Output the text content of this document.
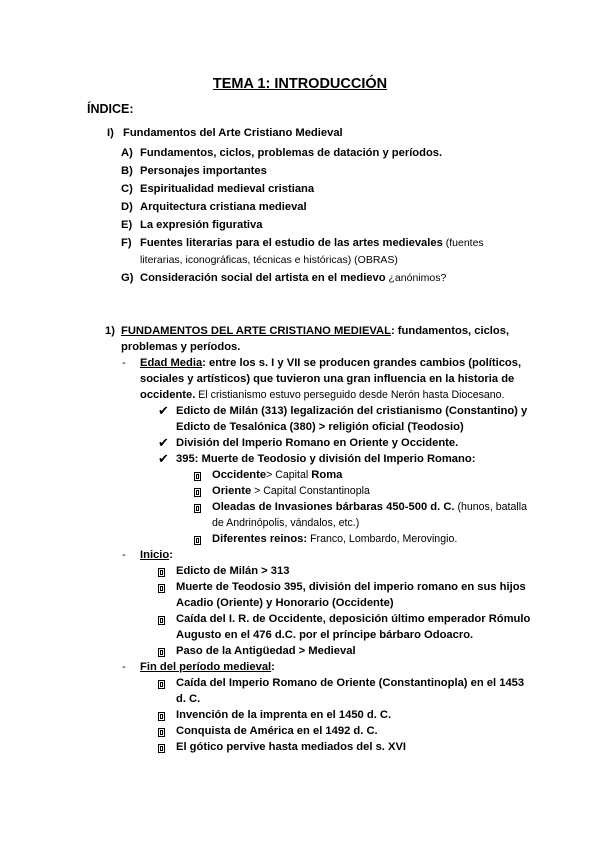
TEMA 1: INTRODUCCIÓN
ÍNDICE:
I) Fundamentos del Arte Cristiano Medieval
A) Fundamentos, ciclos, problemas de datación y períodos.
B) Personajes importantes
C) Espiritualidad medieval cristiana
D) Arquitectura cristiana medieval
E) La expresión figurativa
F) Fuentes literarias para el estudio de las artes medievales (fuentes
literarias, iconográficas, técnicas e históricas) (OBRAS)
G) Consideración social del artista en el medievo ¿anónimos?
1) FUNDAMENTOS DEL ARTE CRISTIANO MEDIEVAL: fundamentos, ciclos,
problemas y períodos.
- Edad Media: entre los s. I y VII se producen grandes cambios (políticos,
sociales y artísticos) que tuvieron una gran influencia en la historia de
occidente. El cristianismo estuvo perseguido desde Nerón hasta Diocesano.
✔ Edicto de Milán (313) legalización del cristianismo (Constantino) y
Edicto de Tesalónica (380) > religión oficial (Teodosio)
✔ División del Imperio Romano en Oriente y Occidente.
✔ 395: Muerte de Teodosio y división del Imperio Romano:
Occidente> Capital Roma
Oriente > Capital Constantinopla
Oleadas de Invasiones bárbaras 450-500 d. C. (hunos, batalla
de Andrinópolis, vándalos, etc.)
Diferentes reinos: Franco, Lombardo, Merovingio.
- Inicio:
Edicto de Milán > 313
Muerte de Teodosio 395, división del imperio romano en sus hijos
Acadio (Oriente) y Honorario (Occidente)
Caída del I. R. de Occidente, deposición último emperador Rómulo
Augusto en el 476 d.C. por el príncipe bárbaro Odoacro.
Paso de la Antigüedad > Medieval
- Fin del período medieval:
Caída del Imperio Romano de Oriente (Constantinopla) en el 1453
d. C.
Invención de la imprenta en el 1450 d. C.
Conquista de América en el 1492 d. C.
El gótico pervive hasta mediados del s. XVI
